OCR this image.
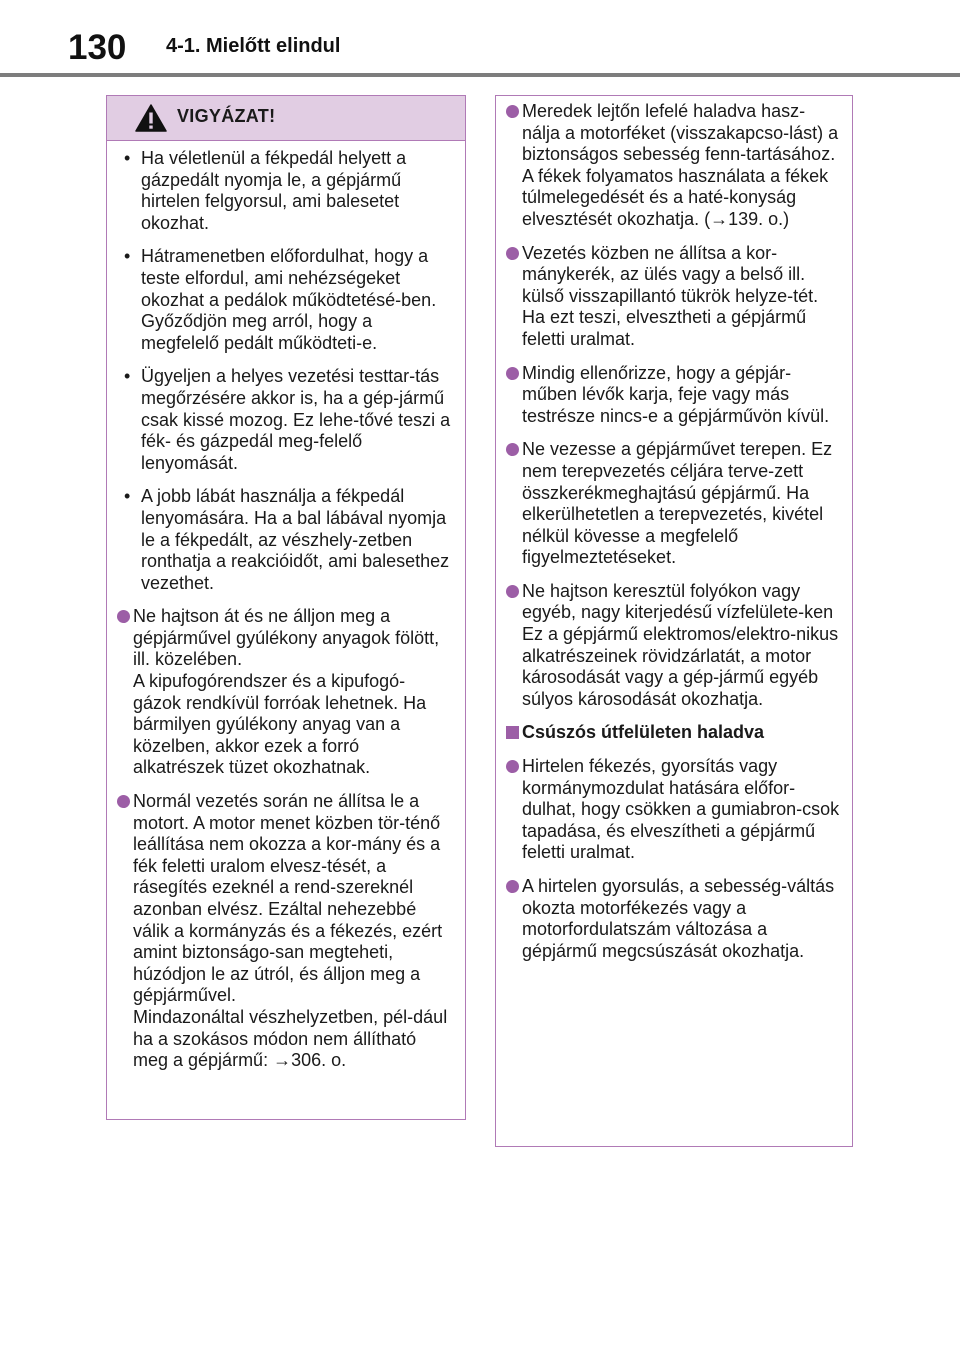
130 4-1. Mielőtt elindul
VIGYÁZAT!
• Ha véletlenül a fékpedál helyett a gázpedált nyomja le, a gépjármű hirtelen felgyorsul, ami balesetet okozhat.
• Hátramenetben előfordulhat, hogy a teste elfordul, ami nehézségeket okozhat a pedálok működtetésé-ben. Győződjön meg arról, hogy a megfelelő pedált működteti-e.
• Ügyeljen a helyes vezetési testtar-tás megőrzésére akkor is, ha a gép-jármű csak kissé mozog. Ez lehe-tővé teszi a fék- és gázpedál meg-felelő lenyomását.
• A jobb lábát használja a fékpedál lenyomására. Ha a bal lábával nyomja le a fékpedált, az vészhely-zetben ronthatja a reakcióidőt, ami balesethez vezethet.
Ne hajtson át és ne álljon meg a gépjárművel gyúlékony anyagok fölött, ill. közelében.
A kipufogórendszer és a kipufogó-gázok rendkívül forróak lehetnek. Ha bármilyen gyúlékony anyag van a közelben, akkor ezek a forró alkatrészek tüzet okozhatnak.
Normál vezetés során ne állítsa le a motort. A motor menet közben tör-ténő leállítása nem okozza a kor-mány és a fék feletti uralom elvesz-tését, a rásegítés ezeknél a rend-szereknél azonban elvész. Ezáltal nehezebbé válik a kormányzás és a fékezés, ezért amint biztonságo-san megteheti, húzódjon le az útról, és álljon meg a gépjárművel.
Mindazonáltal vészhelyzetben, pél-dául ha a szokásos módon nem állítható meg a gépjármű: →306. o.
Meredek lejtőn lefelé haladva hasz-nálja a motorféket (visszakapcso-lást) a biztonságos sebesség fenn-tartásához.
A fékek folyamatos használata a fékek túlmelegedését és a haté-konyság elvesztését okozhatja. (→139. o.)
Vezetés közben ne állítsa a kor-mánykerék, az ülés vagy a belső ill. külső visszapillantó tükrök helyze-tét.
Ha ezt teszi, elvesztheti a gépjármű feletti uralmat.
Mindig ellenőrizze, hogy a gépjár-műben lévők karja, feje vagy más testrésze nincs-e a gépjárművön kívül.
Ne vezesse a gépjárművet terepen. Ez nem terepvezetés céljára terve-zett összkerékmeghajtású gépjármű. Ha elkerülhetetlen a terepvezetés, kivétel nélkül kövesse a megfelelő figyelmeztetéseket.
Ne hajtson keresztül folyókon vagy egyéb, nagy kiterjedésű vízfelülete-ken
Ez a gépjármű elektromos/elektro-nikus alkatrészeinek rövidzárlatát, a motor károsodását vagy a gép-jármű egyéb súlyos károsodását okozhatja.
Csúszós útfelületen haladva
Hirtelen fékezés, gyorsítás vagy kormánymozdulat hatására előfor-dulhat, hogy csökken a gumiabron-csok tapadása, és elveszítheti a gépjármű feletti uralmat.
A hirtelen gyorsulás, a sebesség-váltás okozta motorfékezés vagy a motorfordulatszám változása a gépjármű megcsúszását okozhatja.
